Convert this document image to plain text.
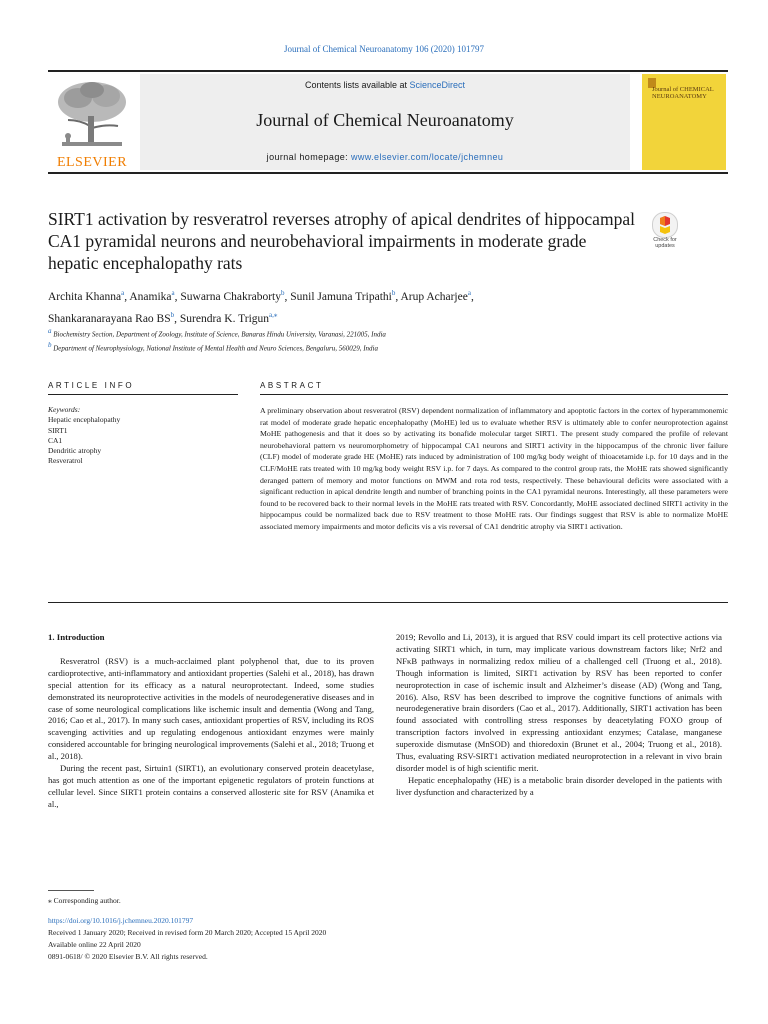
Journal of Chemical Neuroanatomy 106 (2020) 101797
ELSEVIER
Contents lists available at ScienceDirect
Journal of Chemical Neuroanatomy
journal homepage: www.elsevier.com/locate/jchemneu
Journal of CHEMICAL NEUROANATOMY
SIRT1 activation by resveratrol reverses atrophy of apical dendrites of hippocampal CA1 pyramidal neurons and neurobehavioral impairments in moderate grade hepatic encephalopathy rats
Check for updates
Archita Khanna$^a$, Anamika$^a$, Suwarna Chakraborty$^b$, Sunil Jamuna Tripathi$^b$, Arup Acharjee$^a$,
Shankaranarayana Rao $BS^b$, Surendra K. Trigun$^{a,⁎}$
$^a$ Biochemistry Section, Department of Zoology, Institute of Science, Banaras Hindu University, Varanasi, 221005, India
$^b$ Department of Neurophysiology, National Institute of Mental Health and Neuro Sciences, Bengaluru, 560029, India
ARTICLE INFO	ABSTRACT
Keywords:
Hepatic encephalopathy
SIRT1
CA1
Dendritic atrophy
Resveratrol
A preliminary observation about resveratrol (RSV) dependent normalization of inflammatory and apoptotic factors in the cortex of hyperammonemic rat model of moderate grade hepatic encephalopathy (MoHE) led us to evaluate whether RSV is ultimately able to confer neuroprotection against MoHE pathogenesis and that it does so by activating its bonafide molecular target SIRT1. The present study compared the profile of relevant neurobehavioral pattern vs neuromorphometry of hippocampal CA1 neurons and SIRT1 activity in the hippocampus of the chronic liver failure (CLF) model of moderate grade HE (MoHE) rats induced by administration of 100 mg/kg body weight of thioacetamide i.p. for 10 days and in the CLF/MoHE rats treated with 10 mg/kg body weight RSV i.p. for 7 days. As compared to the control group rats, the MoHE rats showed significantly deranged pattern of memory and motor functions on MWM and rota rod tests, respectively. These behavioural deficits were associated with a significant reduction in apical dendrite length and number of branching points in the CA1 pyramidal neurons. Interestingly, all these parameters were found to be recovered back to their normal levels in the MoHE rats treated with RSV. Concordantly, MoHE associated declined SIRT1 activity in the hippocampus could be normalized back due to RSV treatment to those MoHE rats. Our findings suggest that RSV is able to normalize MoHE associated memory impairments and motor deficits vis a vis reversal of CA1 dendritic atrophy via SIRT1 activation.

1. Introduction

Resveratrol (RSV) is a much-acclaimed plant polyphenol that, due to its proven cardioprotective, anti-inflammatory and antioxidant properties (Salehi et al., 2018), has drawn special attention for its efficacy as a natural neuroprotectant. Indeed, some studies demonstrated its neuroprotective activities in the models of neurodegenerative diseases and in case of some neurological complications like ischemic insult and dementia (Wong and Tang, 2016; Cao et al., 2017). In many such cases, antioxidant properties of RSV, including its ROS scavenging activities and up regulating endogenous antioxidant enzymes were mainly considered accountable for bringing neurological improvements (Salehi et al., 2018; Truong et al., 2018).

During the recent past, Sirtuin1 (SIRT1), an evolutionary conserved protein deacetylase, has got much attention as one of the important epigenetic regulators of protein functions at cellular level. Since SIRT1 protein contains a conserved allosteric site for RSV (Anamika et al.,

2019; Revollo and Li, 2013), it is argued that RSV could impart its cell protective actions via activating SIRT1 which, in turn, may implicate various downstream factors like; Nrf2 and NFκB pathways in normalizing redox milieu of a challenged cell (Truong et al., 2018). Though information is limited, SIRT1 activation by RSV has been reported to confer neuroprotection in case of ischemic insult and Alzheimer’s disease (AD) (Wong and Tang, 2016). Also, RSV has been described to improve the cognitive functions of animals with neurodegenerative brain disorders (Cao et al., 2017). Additionally, SIRT1 activation has been found associated with controlling stress responses by deacetylating FOXO group of transcription factors involved in expressing antioxidant enzymes; Catalase, manganese superoxide dismutase (MnSOD) and thioredoxin (Brunet et al., 2004; Truong et al., 2018). Thus, evaluating RSV-SIRT1 activation mediated neuroprotection in a relevant in vivo brain disorder model is of high scientific merit.

Hepatic encephalopathy (HE) is a metabolic brain disorder developed in the patients with liver dysfunction and characterized by a

⁎ Corresponding author.
https://doi.org/10.1016/j.jchemneu.2020.101797
Received 1 January 2020; Received in revised form 20 March 2020; Accepted 15 April 2020
Available online 22 April 2020
0891-0618/ © 2020 Elsevier B.V. All rights reserved.
